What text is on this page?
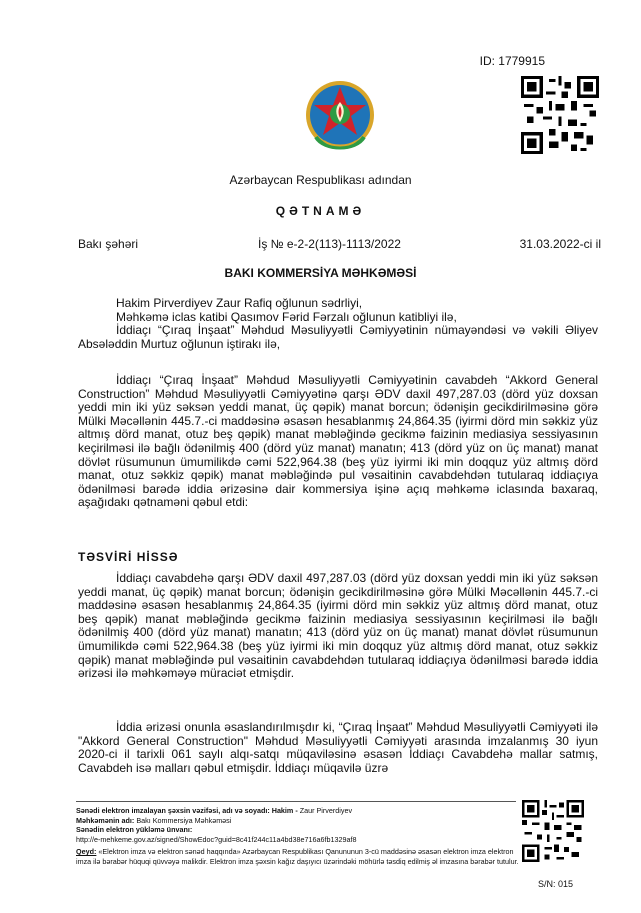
ID: 1779915
Azərbaycan Respublikası adından
QƏTNAMƏ
Bakı şəhəri	İş № e-2-2(113)-1113/2022	31.03.2022-ci il
BAKI KOMMERSİYA MƏHKƏMƏSİ

Hakim Pirverdiyev Zaur Rafiq oğlunun sədrliyi,

Məhkəmə iclas katibi Qasımov Fərid Fərzalı oğlunun katibliyi ilə,

İddiaçı “Çıraq İnşaat” Məhdud Məsuliyyətli Cəmiyyətinin nümayəndəsi və vəkili Əliyev Absələddin Murtuz oğlunun iştirakı ilə,

İddiaçı “Çıraq İnşaat” Məhdud Məsuliyyətli Cəmiyyətinin cavabdeh “Akkord General Construction” Məhdud Məsuliyyətli Cəmiyyətinə qarşı ƏDV daxil 497,287.03 (dörd yüz doxsan yeddi min iki yüz səksən yeddi manat, üç qəpik) manat borcun; ödənişin gecikdirilməsinə görə Mülki Məcəllənin 445.7.-ci maddəsinə əsasən hesablanmış 24,864.35 (iyirmi dörd min səkkiz yüz altmış dörd manat, otuz beş qəpik) manat məbləğində gecikmə faizinin mediasiya sessiyasının keçirilməsi ilə bağlı ödənilmiş 400 (dörd yüz manat) manatın; 413 (dörd yüz on üç manat) manat dövlət rüsumunun ümumilikdə cəmi 522,964.38 (beş yüz iyirmi iki min doqquz yüz altmış dörd manat, otuz səkkiz qəpik) manat məbləğində pul vəsaitinin cavabdehdən tutularaq iddiaçıya ödənilməsi barədə iddia ərizəsinə dair kommersiya işinə açıq məhkəmə iclasında baxaraq, aşağıdakı qətnaməni qəbul etdi:
TƏSVİRİ HİSSƏ
İddiaçı cavabdehə qarşı ƏDV daxil 497,287.03 (dörd yüz doxsan yeddi min iki yüz səksən yeddi manat, üç qəpik) manat borcun; ödənişin gecikdirilməsinə görə Mülki Məcəllənin 445.7.-ci maddəsinə əsasən hesablanmış 24,864.35 (iyirmi dörd min səkkiz yüz altmış dörd manat, otuz beş qəpik) manat məbləğində gecikmə faizinin mediasiya sessiyasının keçirilməsi ilə bağlı ödənilmiş 400 (dörd yüz manat) manatın; 413 (dörd yüz on üç manat) manat dövlət rüsumunun ümumilikdə cəmi 522,964.38 (beş yüz iyirmi iki min doqquz yüz altmış dörd manat, otuz səkkiz qəpik) manat məbləğində pul vəsaitinin cavabdehdən tutularaq iddiaçıya ödənilməsi barədə iddia ərizəsi ilə məhkəməyə müraciət etmişdir.
İddia ərizəsi onunla əsaslandırılmışdır ki, “Çıraq İnşaat” Məhdud Məsuliyyətli Cəmiyyəti ilə "Akkord General Construction" Məhdud Məsuliyyətli Cəmiyyəti arasında imzalanmış 30 iyun 2020-ci il tarixli 061 saylı alqı-satqı müqaviləsinə əsasən İddiaçı Cavabdehə mallar satmış, Cavabdeh isə malları qəbul etmişdir. İddiaçı müqavilə üzrə

Sənədi elektron imzalayan şəxsin vəzifəsi, adı və soyadı: Hakim - Zaur Pirverdiyev

Məhkəmənin adı: Bakı Kommersiya Məhkəməsi

Sənədin elektron yükləmə ünvanı:

http://e-mehkeme.gov.az/signed/ShowEdoc?guid=8c41f244c11a4bd38e716a6fb1329af8

Qeyd: «Elektron imza və elektron sənəd haqqında» Azərbaycan Respublikası Qanununun 3-cü maddəsinə əsasən elektron imza elektron imza ilə bərabər hüquqi qüvvəyə malikdir. Elektron imza şəxsin kağız daşıyıcı üzərindəki möhürlə təsdiq edilmiş əl imzasına bərabər tutulur.

S/N: 015
